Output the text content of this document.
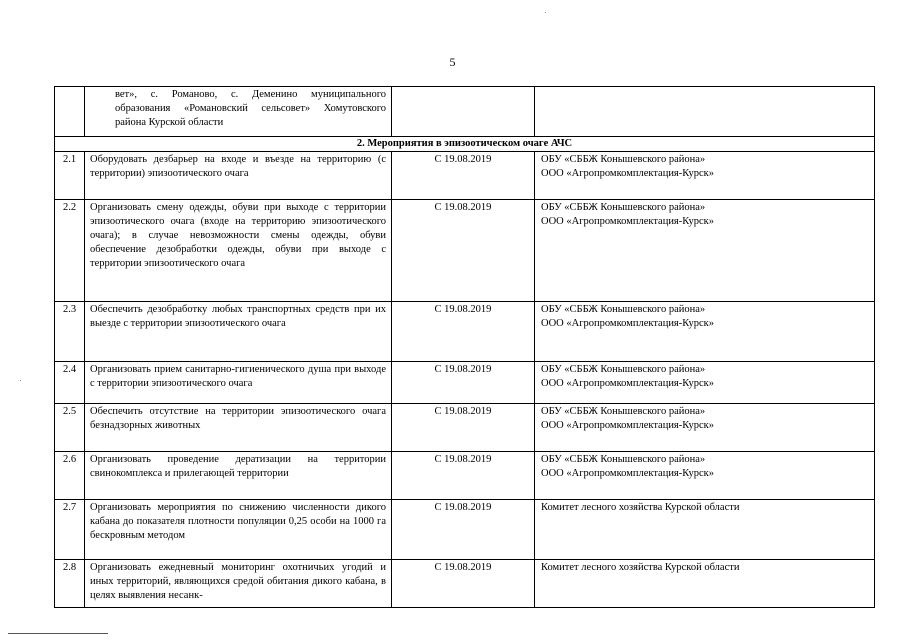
5
	вет», с. Романово, с. Деменино муниципального образования «Романовский сельсовет» Хомутовского района Курской области		
2. Мероприятия в эпизоотическом очаге АЧС			
2.1	Оборудовать дезбарьер на входе и въезде на территорию (с территории) эпизоотического очага	С 19.08.2019	ОБУ «СББЖ Конышевского района»
ООО «Агропромкомплектация-Курск»

2.2	Организовать смену одежды, обуви при выходе с территории эпизоотического очага (входе на территорию эпизоотического очага); в случае невозможности смены одежды, обуви обеспечение дезобработки одежды, обуви при выходе с территории эпизоотического очага	С 19.08.2019	ОБУ «СББЖ Конышевского района»
ООО «Агропромкомплектация-Курск»

2.3	Обеспечить дезобработку любых транспортных средств при их выезде с территории эпизоотического очага	С 19.08.2019	ОБУ «СББЖ Конышевского района»
ООО «Агропромкомплектация-Курск»

2.4	Организовать прием санитарно-гигиенического душа при выходе с территории эпизоотического очага	С 19.08.2019	ОБУ «СББЖ Конышевского района»
ООО «Агропромкомплектация-Курск»

2.5	Обеспечить отсутствие на территории эпизоотического очага безнадзорных животных	С 19.08.2019	ОБУ «СББЖ Конышевского района»
ООО «Агропромкомплектация-Курск»

2.6	Организовать проведение дератизации на территории свинокомплекса и прилегающей территории	С 19.08.2019	ОБУ «СББЖ Конышевского района»
ООО «Агропромкомплектация-Курск»

2.7	Организовать мероприятия по снижению численности дикого кабана до показателя плотности популяции 0,25 особи на 1000 га бескровным методом	С 19.08.2019	Комитет лесного хозяйства Курской области

2.8	Организовать ежедневный мониторинг охотничьих угодий и иных территорий, являющихся средой обитания дикого кабана, в целях выявления несанк-	С 19.08.2019	Комитет лесного хозяйства Курской области
